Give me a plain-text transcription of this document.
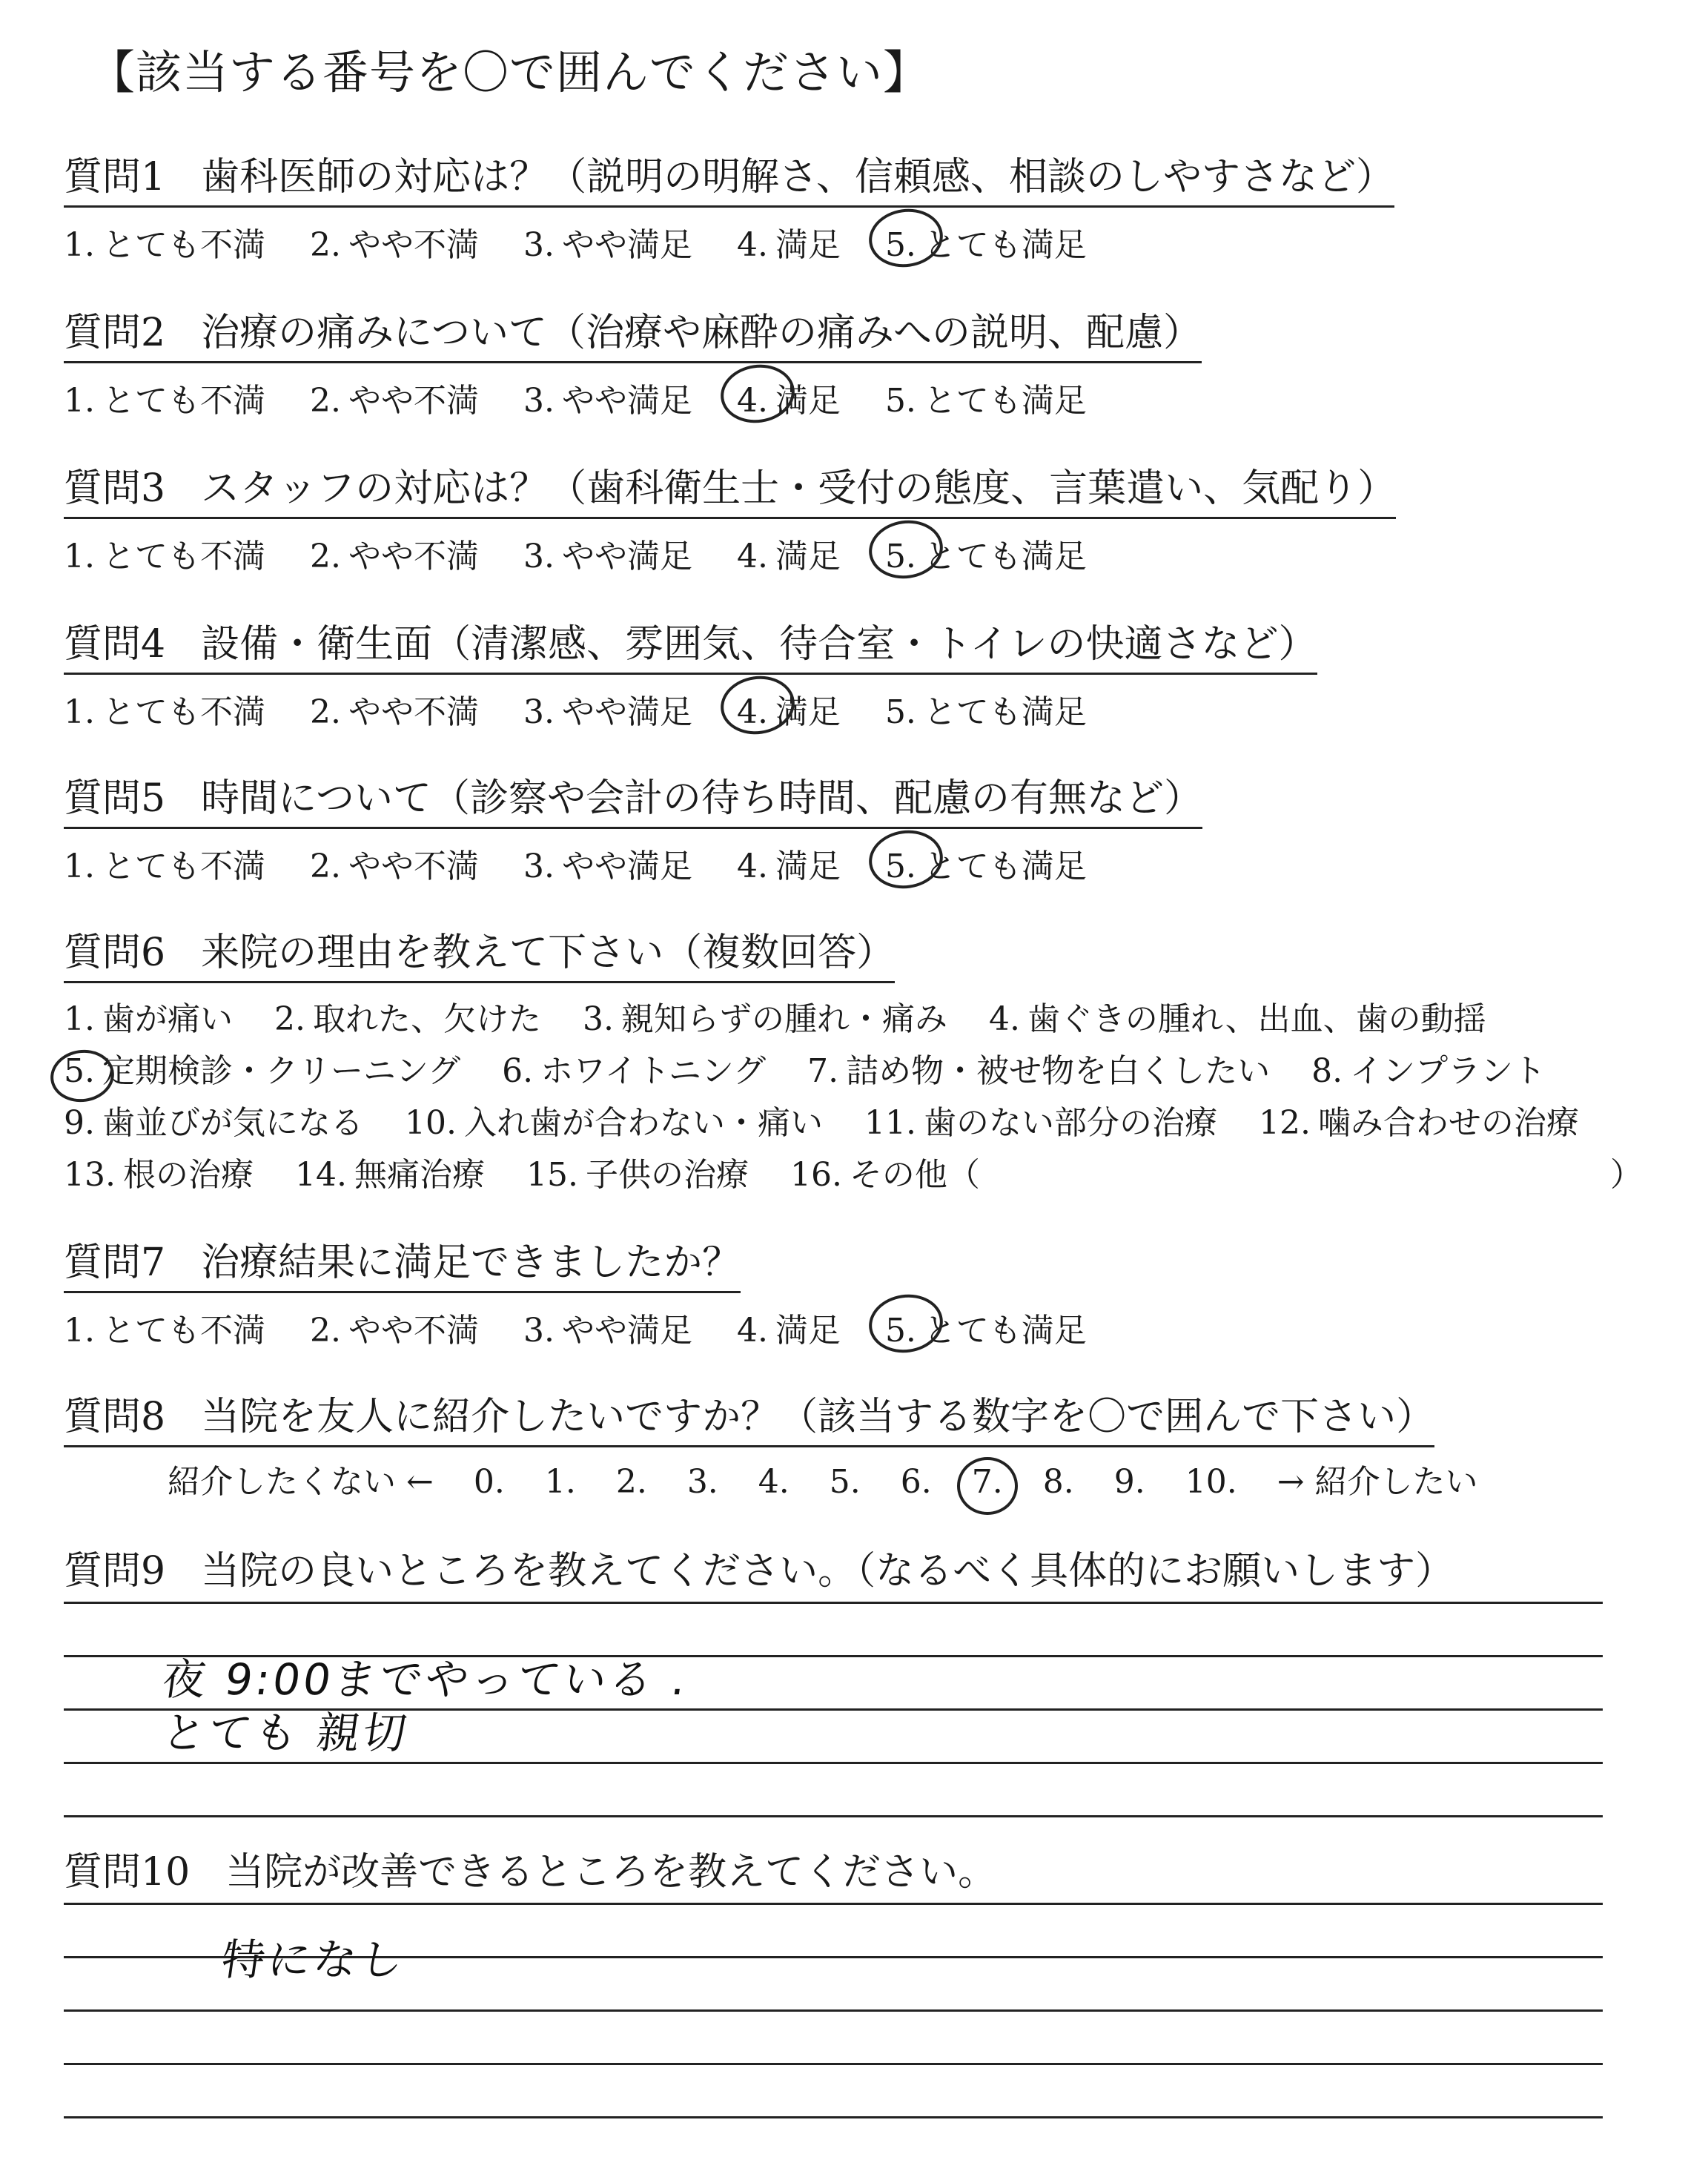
【該当する番号を〇で囲んでください】
質問1 歯科医師の対応は？（説明の明解さ、信頼感、相談のしやすさなど）
1. とても不満 2. やや不満 3. やや満足 4. 満足 5. とても満足
質問2 治療の痛みについて（治療や麻酔の痛みへの説明、配慮）
1. とても不満 2. やや不満 3. やや満足 4. 満足 5. とても満足
質問3 スタッフの対応は？（歯科衛生士・受付の態度、言葉遣い、気配り）
1. とても不満 2. やや不満 3. やや満足 4. 満足 5. とても満足
質問4 設備・衛生面（清潔感、雰囲気、待合室・トイレの快適さなど）
1. とても不満 2. やや不満 3. やや満足 4. 満足 5. とても満足
質問5 時間について（診察や会計の待ち時間、配慮の有無など）
1. とても不満 2. やや不満 3. やや満足 4. 満足 5. とても満足
質問6 来院の理由を教えて下さい（複数回答）
1. 歯が痛い 2. 取れた、欠けた 3. 親知らずの腫れ・痛み 4. 歯ぐきの腫れ、出血、歯の動揺
5. 定期検診・クリーニング 6. ホワイトニング 7. 詰め物・被せ物を白くしたい 8. インプラント
9. 歯並びが気になる 10. 入れ歯が合わない・痛い 11. 歯のない部分の治療 12. 噛み合わせの治療
13. 根の治療 14. 無痛治療 15. 子供の治療 16. その他（	）
質問7 治療結果に満足できましたか？
1. とても不満 2. やや不満 3. やや満足 4. 満足 5. とても満足
質問8 当院を友人に紹介したいですか？（該当する数字を〇で囲んで下さい）
紹介したくない ← 0. 1. 2. 3. 4. 5. 6. 7. 8. 9. 10. → 紹介したい
質問9 当院の良いところを教えてください。（なるべく具体的にお願いします）
夜 9:00までやっている .
とても 親切
質問10 当院が改善できるところを教えてください。
特になし
